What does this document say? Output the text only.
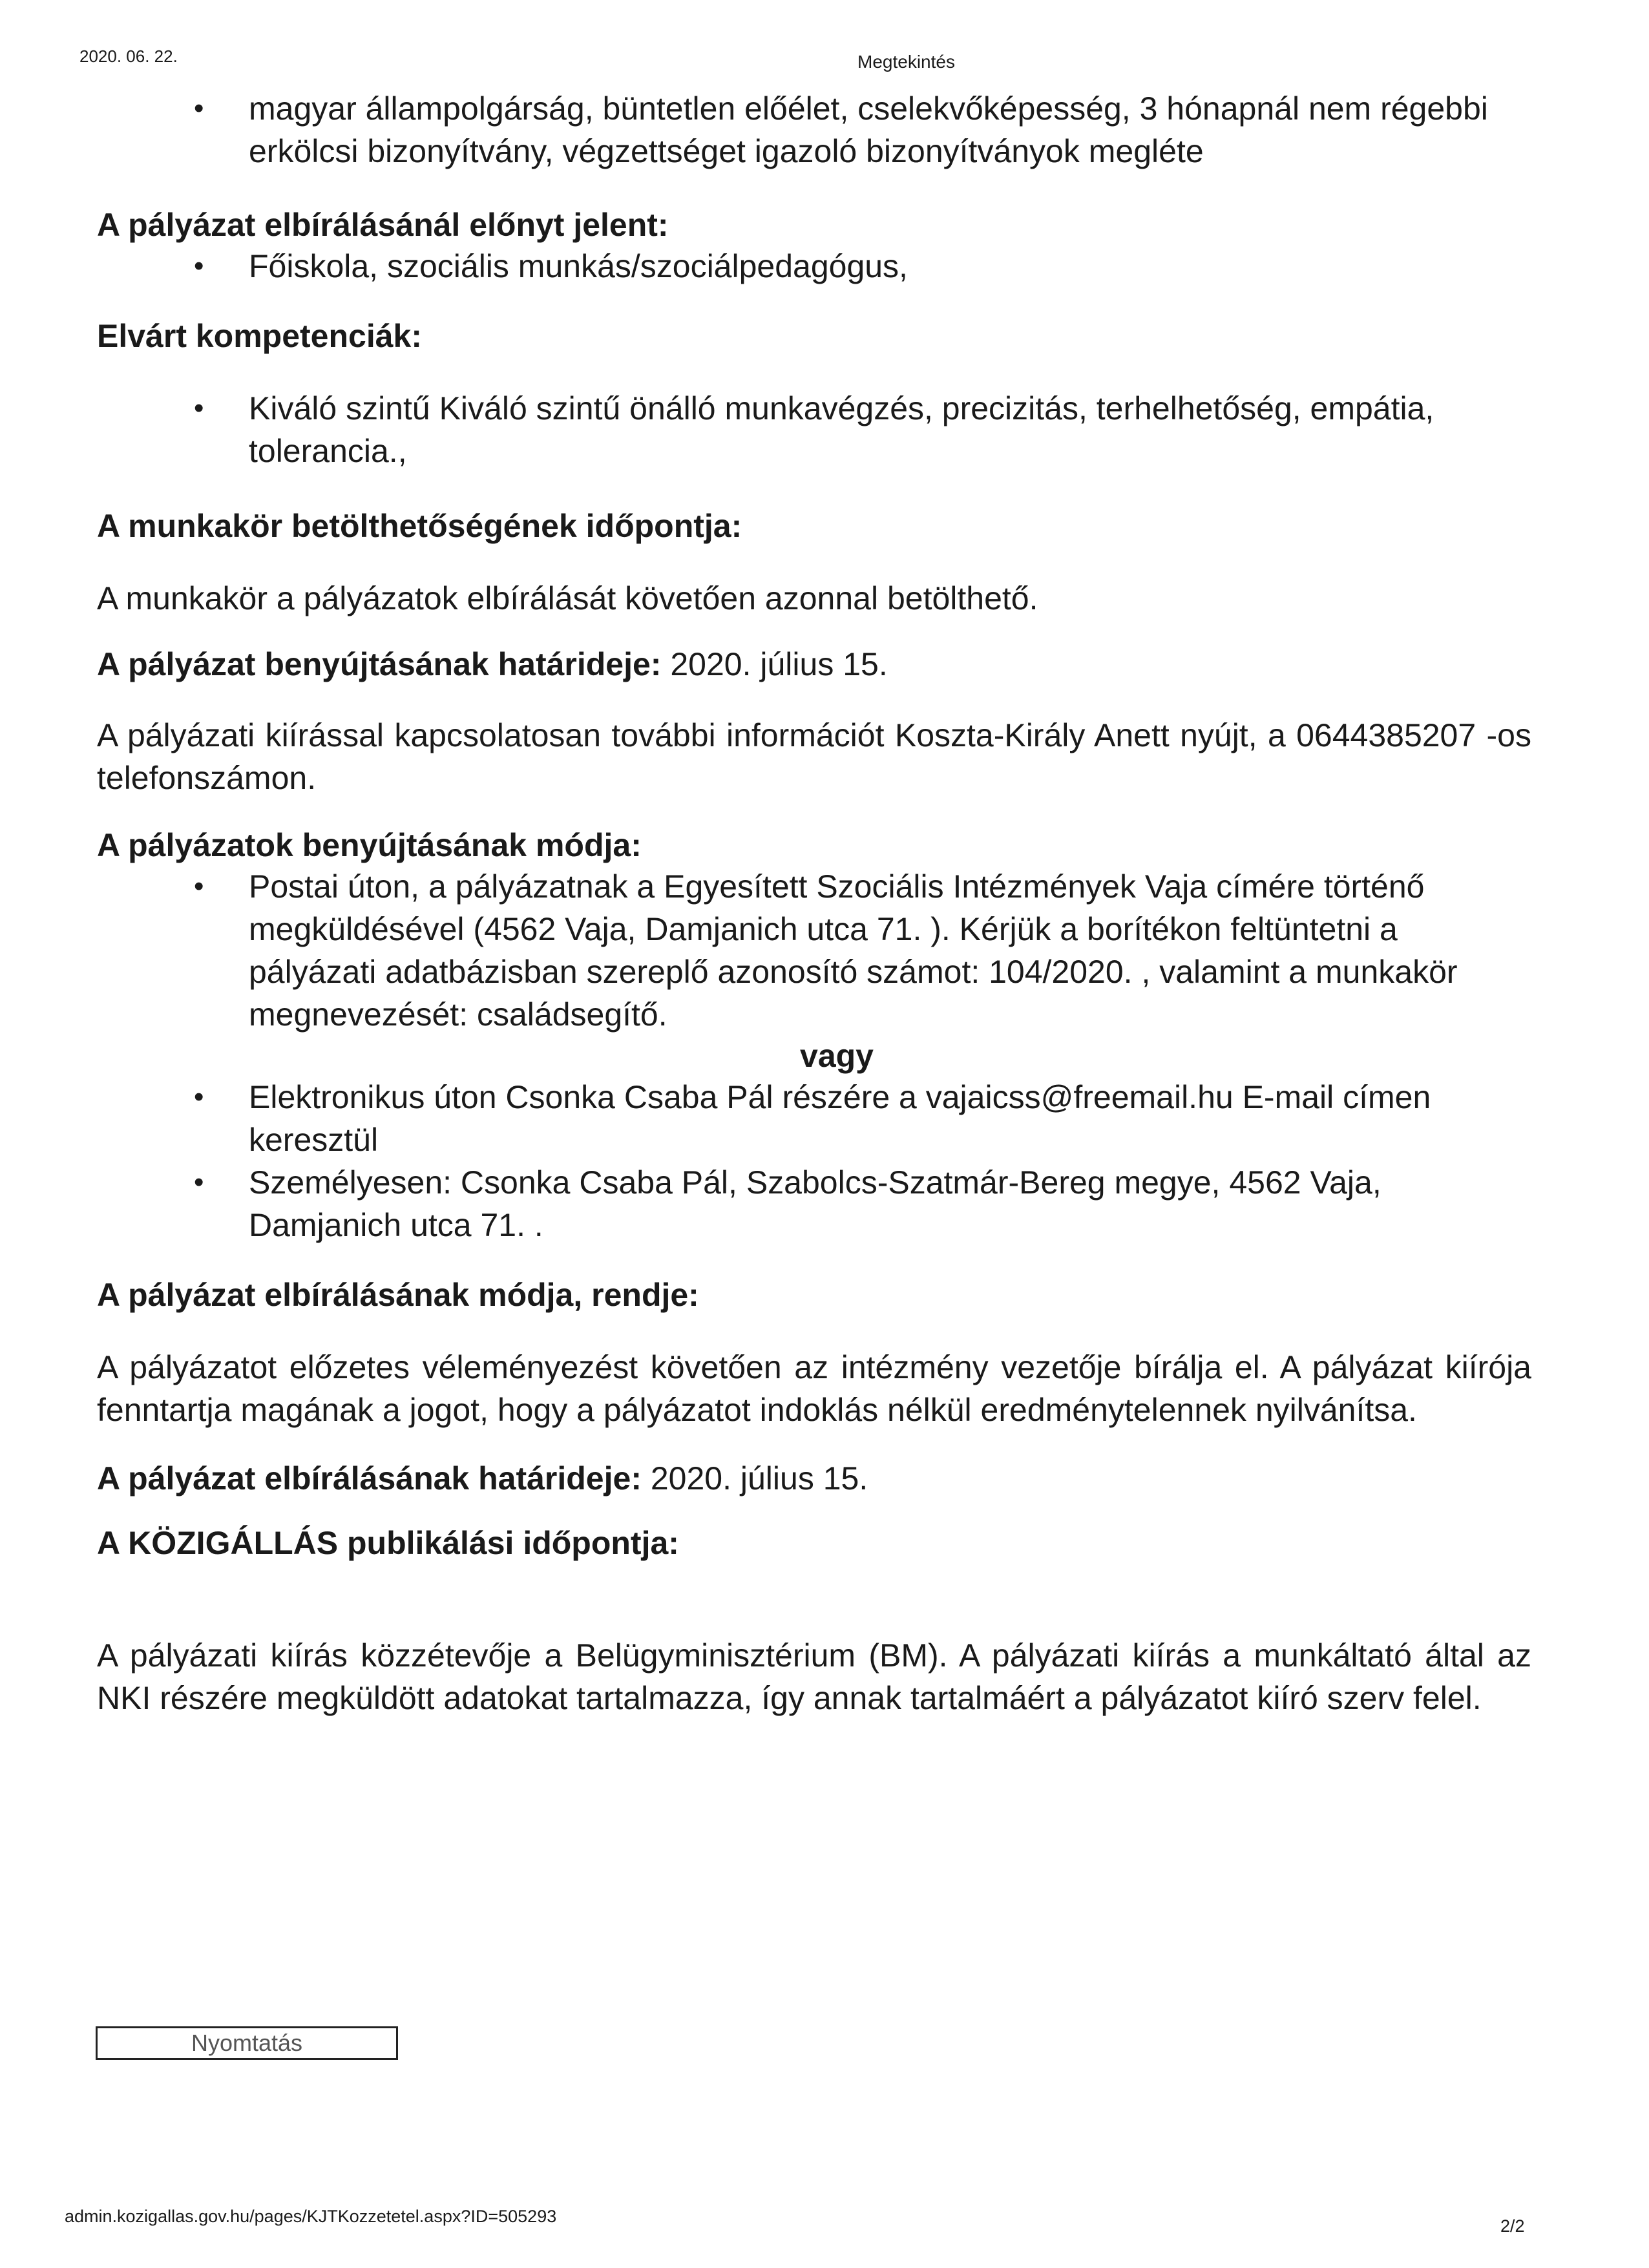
2020. 06. 22.	Megtekintés
• magyar állampolgárság, büntetlen előélet, cselekvőképesség, 3 hónapnál nem régebbi erkölcsi bizonyítvány, végzettséget igazoló bizonyítványok megléte
A pályázat elbírálásánál előnyt jelent:
• Főiskola, szociális munkás/szociálpedagógus,
Elvárt kompetenciák:
• Kiváló szintű Kiváló szintű önálló munkavégzés, precizitás, terhelhetőség, empátia, tolerancia.,
A munkakör betölthetőségének időpontja:

A munkakör a pályázatok elbírálását követően azonnal betölthető.

A pályázat benyújtásának határideje: 2020. július 15.

A pályázati kiírással kapcsolatosan további információt Koszta-Király Anett nyújt, a 0644385207 -os telefonszámon.

A pályázatok benyújtásának módja:
• Postai úton, a pályázatnak a Egyesített Szociális Intézmények Vaja címére történő megküldésével (4562 Vaja, Damjanich utca 71. ). Kérjük a borítékon feltüntetni a pályázati adatbázisban szereplő azonosító számot: 104/2020. , valamint a munkakör megnevezését: családsegítő.
vagy
• Elektronikus úton Csonka Csaba Pál részére a vajaicss@freemail.hu E-mail címen keresztül
• Személyesen: Csonka Csaba Pál, Szabolcs-Szatmár-Bereg megye, 4562 Vaja, Damjanich utca 71. .
A pályázat elbírálásának módja, rendje:

A pályázatot előzetes véleményezést követően az intézmény vezetője bírálja el. A pályázat kiírója fenntartja magának a jogot, hogy a pályázatot indoklás nélkül eredménytelennek nyilvánítsa.

A pályázat elbírálásának határideje: 2020. július 15.

A KÖZIGÁLLÁS publikálási időpontja:

A pályázati kiírás közzétevője a Belügyminisztérium (BM). A pályázati kiírás a munkáltató által az NKI részére megküldött adatokat tartalmazza, így annak tartalmáért a pályázatot kiíró szerv felel.

Nyomtatás
admin.kozigallas.gov.hu/pages/KJTKozzetetel.aspx?ID=505293	2/2
